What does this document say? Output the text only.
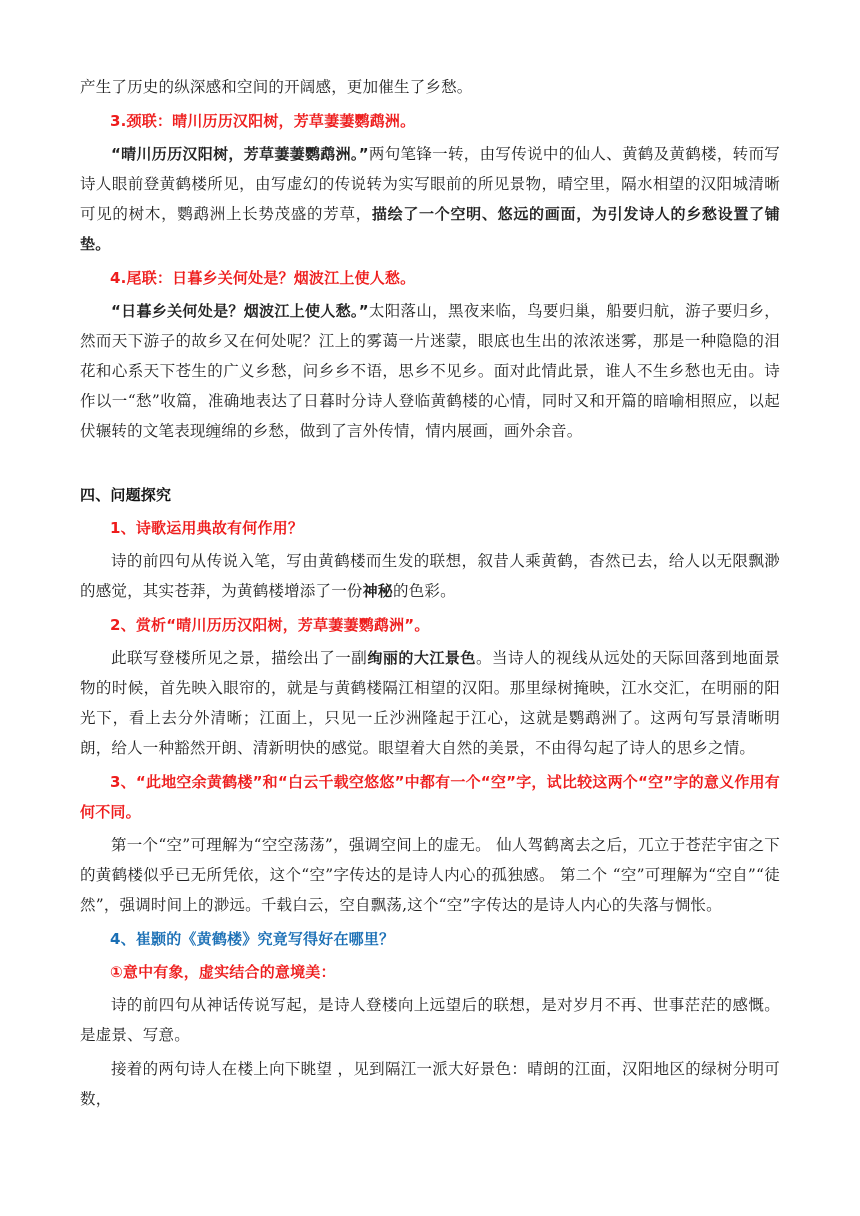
产生了历史的纵深感和空间的开阔感，更加催生了乡愁。

3.颈联：晴川历历汉阳树，芳草萋萋鹦鹉洲。

“晴川历历汉阳树，芳草萋萋鹦鹉洲。”两句笔锋一转，由写传说中的仙人、黄鹤及黄鹤楼，转而写诗人眼前登黄鹤楼所见，由写虚幻的传说转为实写眼前的所见景物，晴空里，隔水相望的汉阳城清晰可见的树木，鹦鹉洲上长势茂盛的芳草，描绘了一个空明、悠远的画面，为引发诗人的乡愁设置了铺垫。

4.尾联：日暮乡关何处是？烟波江上使人愁。

“日暮乡关何处是？烟波江上使人愁。”太阳落山，黑夜来临，鸟要归巢，船要归航，游子要归乡，然而天下游子的故乡又在何处呢？江上的雾蔼一片迷蒙，眼底也生出的浓浓迷雾，那是一种隐隐的泪花和心系天下苍生的广义乡愁，问乡乡不语，思乡不见乡。面对此情此景，谁人不生乡愁也无由。诗作以一“愁”收篇，准确地表达了日暮时分诗人登临黄鹤楼的心情，同时又和开篇的暗喻相照应，以起伏辗转的文笔表现缠绵的乡愁，做到了言外传情，情内展画，画外余音。

四、问题探究

1、诗歌运用典故有何作用？

诗的前四句从传说入笔，写由黄鹤楼而生发的联想，叙昔人乘黄鹤，杳然已去，给人以无限飘渺的感觉，其实苍莽，为黄鹤楼增添了一份神秘的色彩。

2、赏析“晴川历历汉阳树，芳草萋萋鹦鹉洲”。

此联写登楼所见之景，描绘出了一副绚丽的大江景色。当诗人的视线从远处的天际回落到地面景物的时候，首先映入眼帘的，就是与黄鹤楼隔江相望的汉阳。那里绿树掩映，江水交汇，在明丽的阳光下，看上去分外清晰；江面上，只见一丘沙洲隆起于江心，这就是鹦鹉洲了。这两句写景清晰明朗，给人一种豁然开朗、清新明快的感觉。眼望着大自然的美景，不由得勾起了诗人的思乡之情。

3、“此地空余黄鹤楼”和“白云千载空悠悠”中都有一个“空”字，试比较这两个“空”字的意义作用有何不同。

第一个“空”可理解为“空空荡荡”，强调空间上的虚无。 仙人驾鹤离去之后，兀立于苍茫宇宙之下的黄鹤楼似乎已无所凭依，这个“空”字传达的是诗人内心的孤独感。 第二个 “空”可理解为“空自”“徒然”，强调时间上的渺远。千载白云，空自飘荡,这个“空”字传达的是诗人内心的失落与惆怅。

4、崔颢的《黄鹤楼》究竟写得好在哪里？

①意中有象，虚实结合的意境美：

诗的前四句从神话传说写起，是诗人登楼向上远望后的联想，是对岁月不再、世事茫茫的感慨。是虚景、写意。

接着的两句诗人在楼上向下眺望 ，见到隔江一派大好景色：晴朗的江面，汉阳地区的绿树分明可数，
